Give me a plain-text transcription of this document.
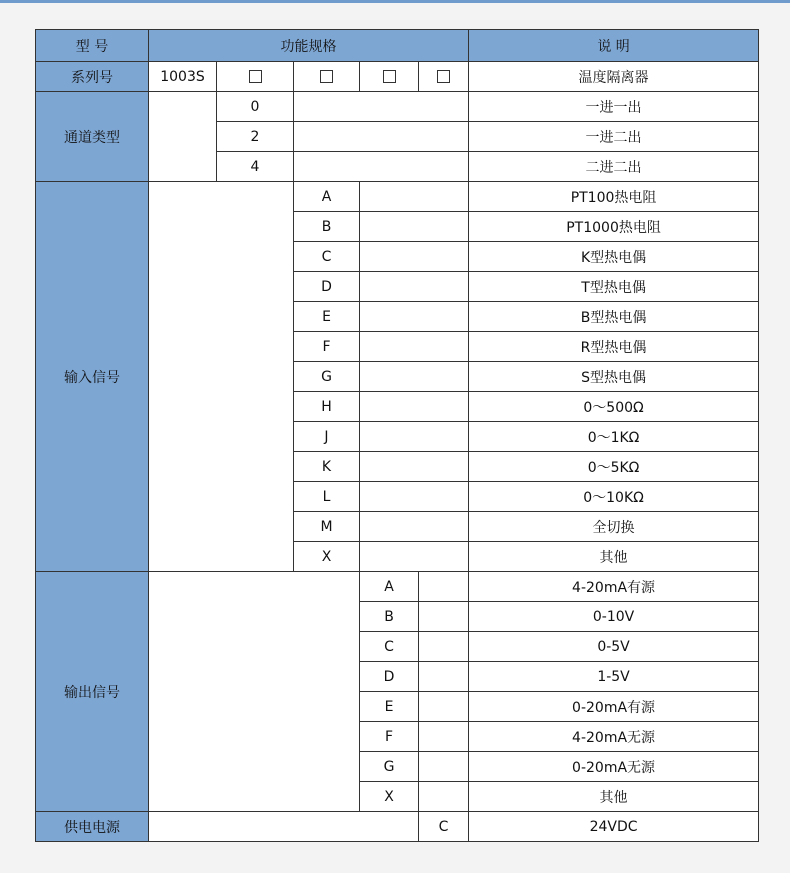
型 号	功能规格					说 明
系列号	1003S					温度隔离器
通道类型		0				一进一出
		2				一进二出
		4				二进二出
输入信号			A			PT100热电阻
			B			PT1000热电阻
			C			K型热电偶
			D			T型热电偶
			E			B型热电偶
			F			R型热电偶
			G			S型热电偶
			H			0～500Ω
			J			0～1KΩ
			K			0～5KΩ
			L			0～10KΩ
			M			全切换
			X			其他
输出信号				A		4-20mA有源
				B		0-10V
				C		0-5V
				D		1-5V
				E		0-20mA有源
				F		4-20mA无源
				G		0-20mA无源
				X		其他
供电电源					C	24VDC
